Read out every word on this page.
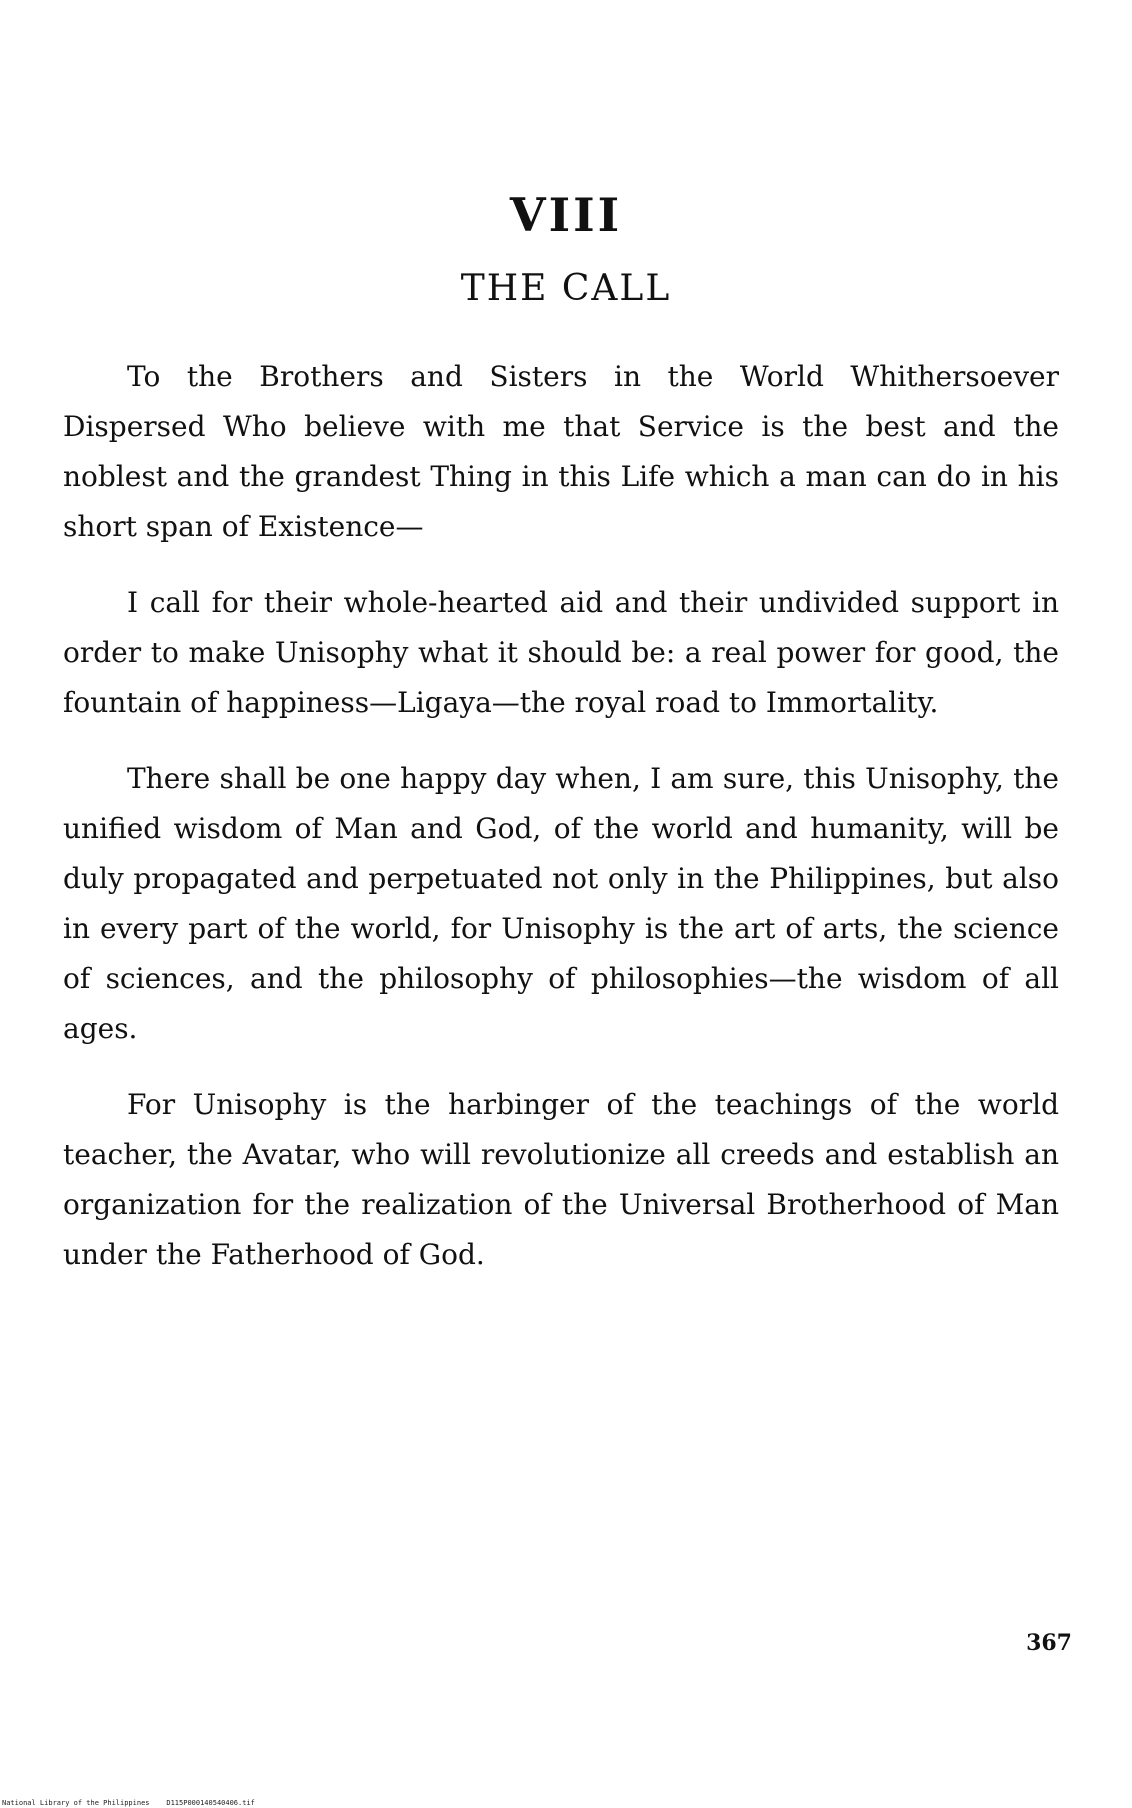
VIII
THE CALL

To the Brothers and Sisters in the World Whithersoever Dispersed Who believe with me that Service is the best and the noblest and the grandest Thing in this Life which a man can do in his short span of Existence—

I call for their whole-hearted aid and their undivided support in order to make Unisophy what it should be: a real power for good, the fountain of happiness—Ligaya—the royal road to Immortality.

There shall be one happy day when, I am sure, this Unisophy, the unified wisdom of Man and God, of the world and humanity, will be duly propagated and perpetuated not only in the Philippines, but also in every part of the world, for Unisophy is the art of arts, the science of sciences, and the philosophy of philosophies—the wisdom of all ages.

For Unisophy is the harbinger of the teachings of the world teacher, the Avatar, who will revolutionize all creeds and establish an organization for the realization of the Universal Brotherhood of Man under the Fatherhood of God.

367
National Library of the Philippines D115P000140540406.tif
